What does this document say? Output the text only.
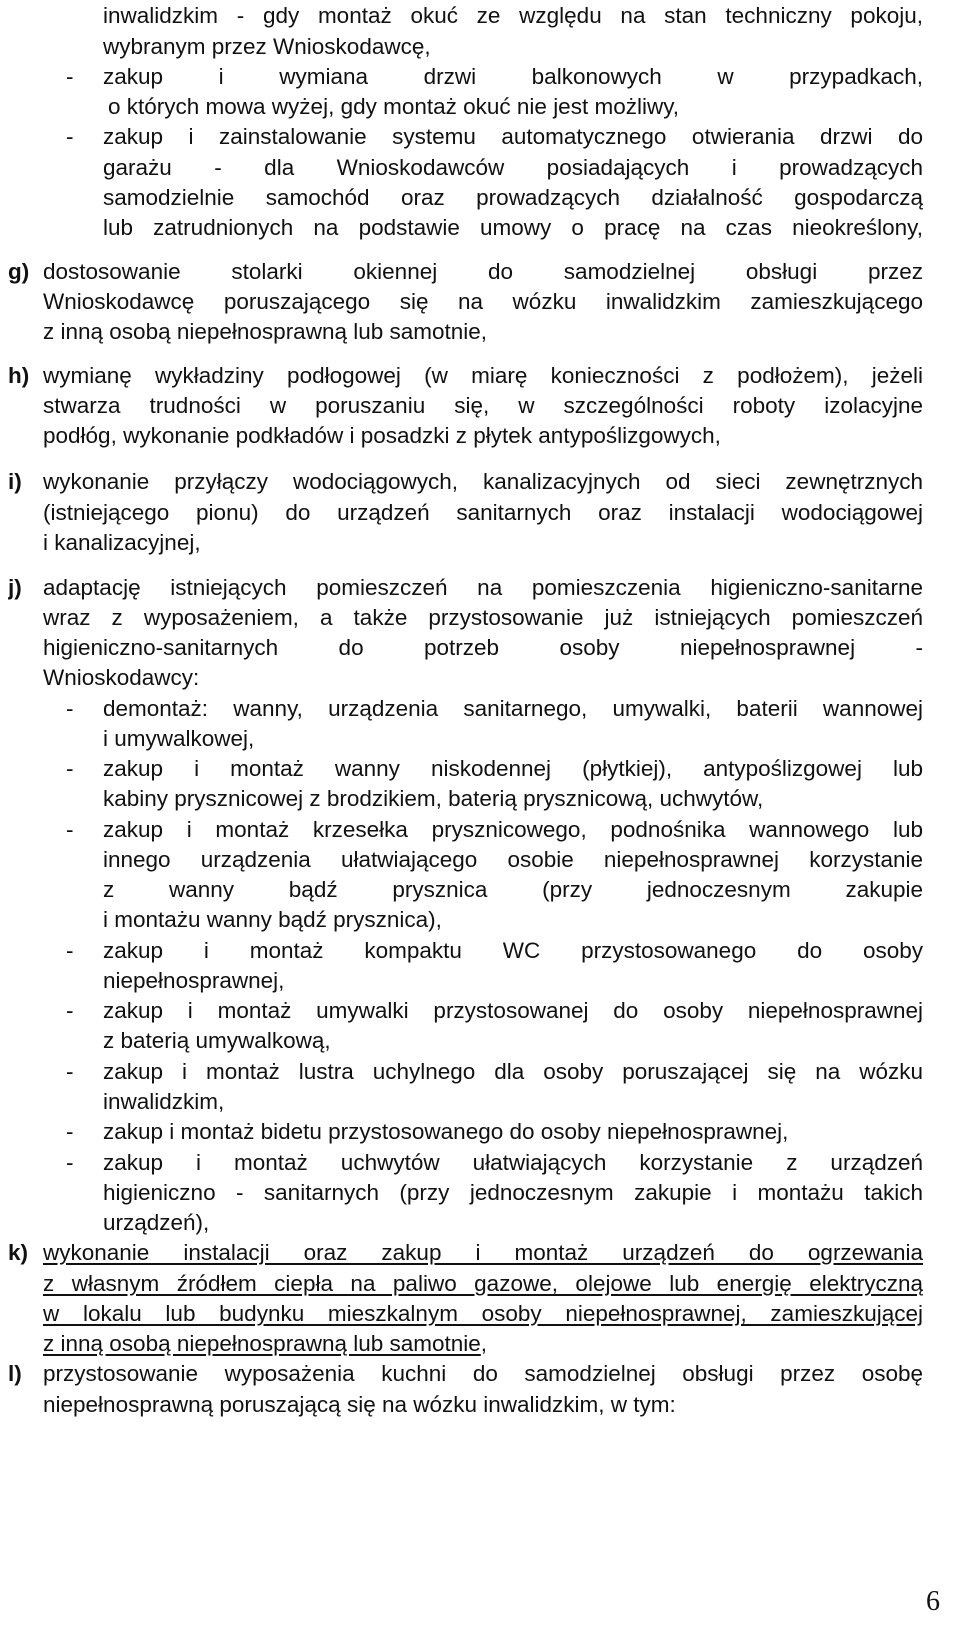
inwalidzkim - gdy montaż okuć ze względu na stan techniczny pokoju,
wybranym przez Wnioskodawcę,
-	zakup i wymiana drzwi balkonowych w przypadkach,
o których mowa wyżej, gdy montaż okuć nie jest możliwy,
-	zakup i zainstalowanie systemu automatycznego otwierania drzwi do
garażu - dla Wnioskodawców posiadających i prowadzących
samodzielnie samochód oraz prowadzących działalność gospodarczą
lub zatrudnionych na podstawie umowy o pracę na czas nieokreślony,
g) dostosowanie stolarki okiennej do samodzielnej obsługi przez
Wnioskodawcę poruszającego się na wózku inwalidzkim zamieszkującego
z inną osobą niepełnosprawną lub samotnie,
h) wymianę wykładziny podłogowej (w miarę konieczności z podłożem), jeżeli
stwarza trudności w poruszaniu się, w szczególności roboty izolacyjne
podłóg, wykonanie podkładów i posadzki z płytek antypoślizgowych,
i) wykonanie przyłączy wodociągowych, kanalizacyjnych od sieci zewnętrznych
(istniejącego pionu) do urządzeń sanitarnych oraz instalacji wodociągowej
i kanalizacyjnej,
j) adaptację istniejących pomieszczeń na pomieszczenia higieniczno-sanitarne
wraz z wyposażeniem, a także przystosowanie już istniejących pomieszczeń
higieniczno-sanitarnych do potrzeb osoby niepełnosprawnej -
Wnioskodawcy:
-	demontaż: wanny, urządzenia sanitarnego, umywalki, baterii wannowej
i umywalkowej,
-	zakup i montaż wanny niskodennej (płytkiej), antypoślizgowej lub
kabiny prysznicowej z brodzikiem, baterią prysznicową, uchwytów,
-	zakup i montaż krzesełka prysznicowego, podnośnika wannowego lub
innego urządzenia ułatwiającego osobie niepełnosprawnej korzystanie
z wanny bądź prysznica (przy jednoczesnym zakupie
i montażu wanny bądź prysznica),
-	zakup i montaż kompaktu WC przystosowanego do osoby
niepełnosprawnej,
-	zakup i montaż umywalki przystosowanej do osoby niepełnosprawnej
z baterią umywalkową,
-	zakup i montaż lustra uchylnego dla osoby poruszającej się na wózku
inwalidzkim,
-	zakup i montaż bidetu przystosowanego do osoby niepełnosprawnej,
-	zakup i montaż uchwytów ułatwiających korzystanie z urządzeń
higieniczno - sanitarnych (przy jednoczesnym zakupie i montażu takich
urządzeń),
k) wykonanie instalacji oraz zakup i montaż urządzeń do ogrzewania
z własnym źródłem ciepła na paliwo gazowe, olejowe lub energię elektryczną
w lokalu lub budynku mieszkalnym osoby niepełnosprawnej, zamieszkującej
z inną osobą niepełnosprawną lub samotnie,
l) przystosowanie wyposażenia kuchni do samodzielnej obsługi przez osobę
niepełnosprawną poruszającą się na wózku inwalidzkim, w tym:
6
